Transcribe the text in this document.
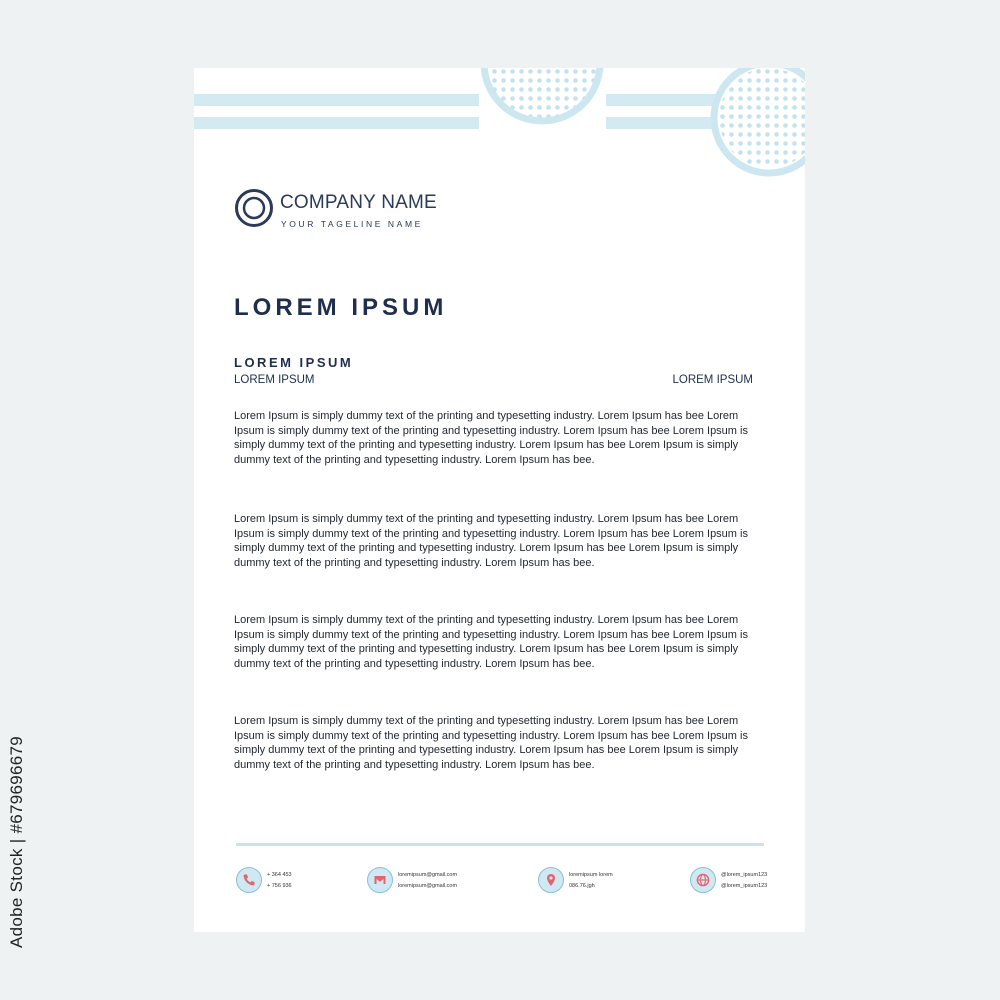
Adobe Stock | #679696679
COMPANY NAME
YOUR TAGELINE NAME
LOREM IPSUM
LOREM IPSUM
LOREM IPSUM	LOREM IPSUM

Lorem Ipsum is simply dummy text of the printing and typesetting industry. Lorem Ipsum has bee Lorem Ipsum is simply dummy text of the printing and typesetting industry. Lorem Ipsum has bee Lorem Ipsum is simply dummy text of the printing and typesetting industry. Lorem Ipsum has bee Lorem Ipsum is simply dummy text of the printing and typesetting industry. Lorem Ipsum has bee.

Lorem Ipsum is simply dummy text of the printing and typesetting industry. Lorem Ipsum has bee Lorem Ipsum is simply dummy text of the printing and typesetting industry. Lorem Ipsum has bee Lorem Ipsum is simply dummy text of the printing and typesetting industry. Lorem Ipsum has bee Lorem Ipsum is simply dummy text of the printing and typesetting industry. Lorem Ipsum has bee.

Lorem Ipsum is simply dummy text of the printing and typesetting industry. Lorem Ipsum has bee Lorem Ipsum is simply dummy text of the printing and typesetting industry. Lorem Ipsum has bee Lorem Ipsum is simply dummy text of the printing and typesetting industry. Lorem Ipsum has bee Lorem Ipsum is simply dummy text of the printing and typesetting industry. Lorem Ipsum has bee.

Lorem Ipsum is simply dummy text of the printing and typesetting industry. Lorem Ipsum has bee Lorem Ipsum is simply dummy text of the printing and typesetting industry. Lorem Ipsum has bee Lorem Ipsum is simply dummy text of the printing and typesetting industry. Lorem Ipsum has bee Lorem Ipsum is simply dummy text of the printing and typesetting industry. Lorem Ipsum has bee.

+ 364 453
+ 756 936
loremipsum@gmail.com
loremipsum@gmail.com
loremipsum lorem
086.76.jgh
@lorem_ipsum123
@lorem_ipsum123
